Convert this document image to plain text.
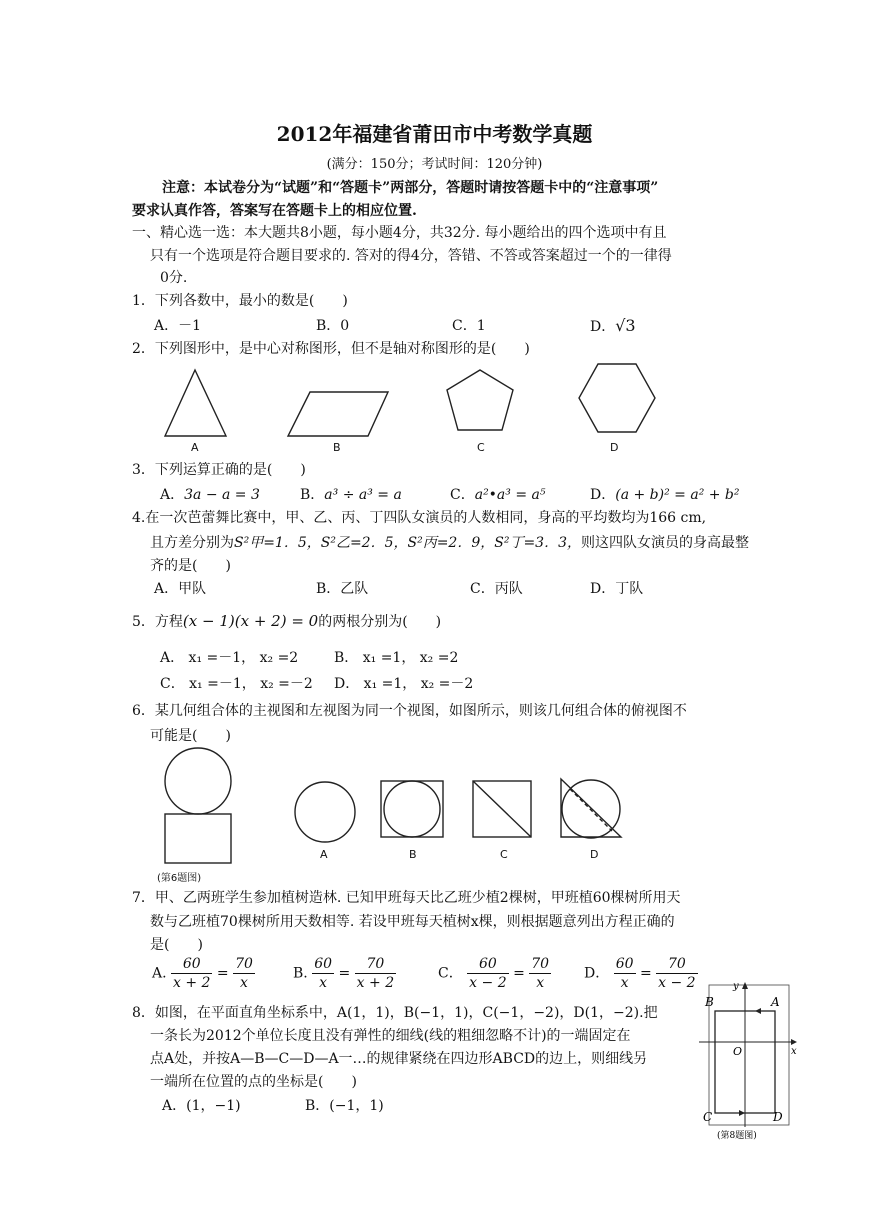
2012年福建省莆田市中考数学真题
(满分：150分；考试时间：120分钟)
注意：本试卷分为“试题”和“答题卡”两部分，答题时请按答题卡中的“注意事项”
要求认真作答，答案写在答题卡上的相应位置.
一、精心选一选：本大题共8小题，每小题4分，共32分. 每小题给出的四个选项中有且
只有一个选项是符合题目要求的. 答对的得4分，答错、不答或答案超过一个的一律得
0分.
1．下列各数中，最小的数是(　　)
A．－1	B．0	C．1	D．√3
2．下列图形中，是中心对称图形，但不是轴对称图形的是(　　)
A	B	C	D
3．下列运算正确的是(　　)
A．3a − a = 3	B．a³ ÷ a³ = a	C．a²•a³ = a⁵	D．(a + b)² = a² + b²
4.在一次芭蕾舞比赛中，甲、乙、丙、丁四队女演员的人数相同，身高的平均数均为166 cm,
且方差分别为S²甲=1．5，S²乙=2．5，S²丙=2．9，S²丁=3．3，则这四队女演员的身高最整
齐的是(　　)
A．甲队	B．乙队	C．丙队	D．丁队
5．方程(x − 1)(x + 2) = 0的两根分别为(　　)
A． x₁ =－1， x₂ =2	B． x₁ =1， x₂ =2
C． x₁ =－1， x₂ =－2 D． x₁ =1， x₂ =－2
6．某几何组合体的主视图和左视图为同一个视图，如图所示，则该几何组合体的俯视图不
可能是(　　)
(第6题图)
A	B	C	D
7．甲、乙两班学生参加植树造林. 已知甲班每天比乙班少植2棵树，甲班植60棵树所用天
数与乙班植70棵树所用天数相等. 若设甲班每天植树x棵，则根据题意列出方程正确的
是(　　)
A. $\frac{60}{x + 2} = \frac{70}{x}$	B. $\frac{60}{x} = \frac{70}{x + 2}$	C． $\frac{60}{x - 2} = \frac{70}{x}$ D． $\frac{60}{x} = \frac{70}{x - 2}$
8．如图，在平面直角坐标系中，A(1，1)，B(−1，1)，C(−1，−2)，D(1，−2).把
一条长为2012个单位长度且没有弹性的细线(线的粗细忽略不计)的一端固定在
点A处，并按A—B—C—D—A一…的规律紧绕在四边形ABCD的边上，则细线另
一端所在位置的点的坐标是(　　)
A．(1，−1)	B．(−1，1)
B	A
O	x
y
C	D
(第8题图)
